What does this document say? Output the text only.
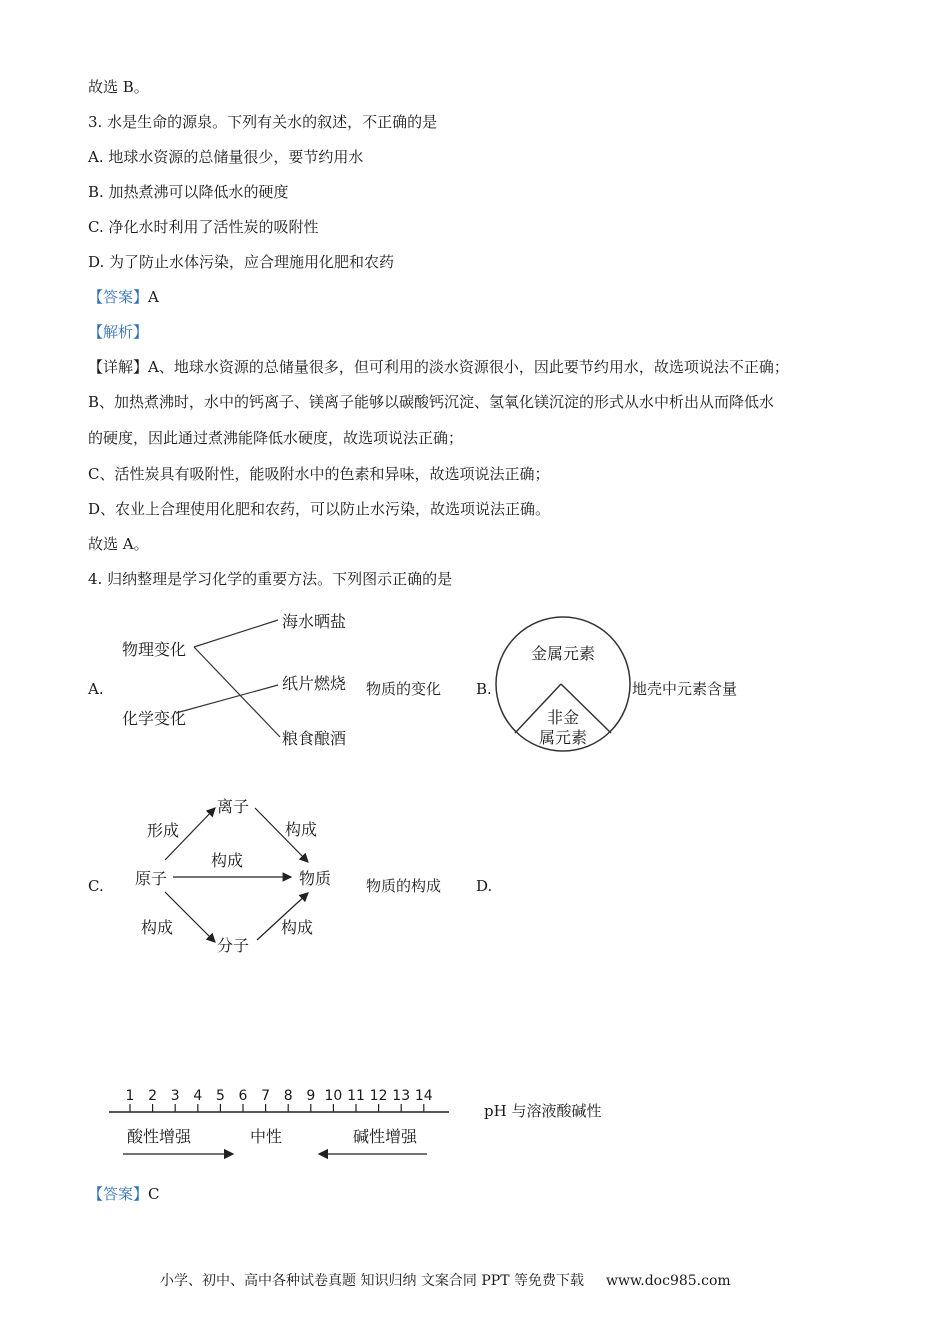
故选 B。
3. 水是生命的源泉。下列有关水的叙述，不正确的是
A. 地球水资源的总储量很少，要节约用水
B. 加热煮沸可以降低水的硬度
C. 净化水时利用了活性炭的吸附性
D. 为了防止水体污染，应合理施用化肥和农药
【答案】A
【解析】
【详解】A、地球水资源的总储量很多，但可利用的淡水资源很小，因此要节约用水，故选项说法不正确；
B、加热煮沸时，水中的钙离子、镁离子能够以碳酸钙沉淀、氢氧化镁沉淀的形式从水中析出从而降低水
的硬度，因此通过煮沸能降低水硬度，故选项说法正确；
C、活性炭具有吸附性，能吸附水中的色素和异味，故选项说法正确；
D、农业上合理使用化肥和农药，可以防止水污染，故选项说法正确。
故选 A。
4. 归纳整理是学习化学的重要方法。下列图示正确的是
A.
物理变化
化学变化
海水晒盐
纸片燃烧
粮食酿酒
物质的变化 B.
金属元素
非金
属元素
地壳中元素含量
C. 原子
离子
分子
物质
形成	构成
构成
构成	构成
物质的构成 D.
1 2 3 4 5 6 7 8 9 10 11 12 13 14
酸性增强	中性	碱性增强
pH 与溶液酸碱性
【答案】C
小学、初中、高中各种试卷真题 知识归纳 文案合同 PPT 等免费下载 www.doc985.com
